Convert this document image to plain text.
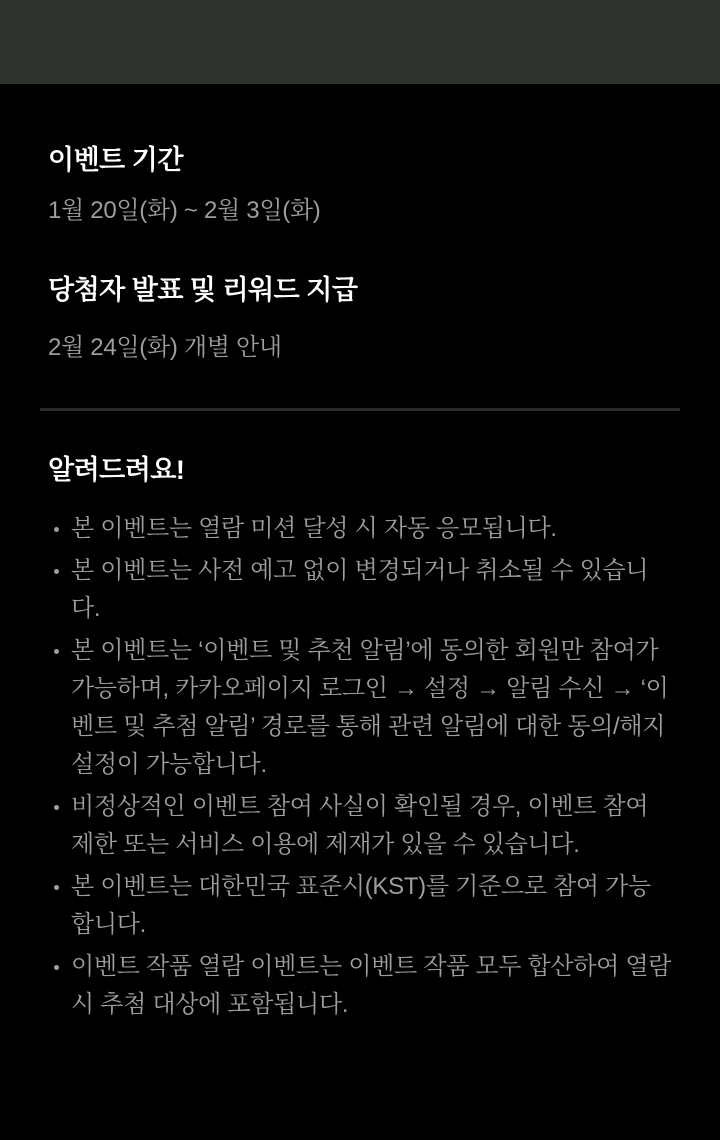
이벤트 기간

1월 20일(화) ~ 2월 3일(화)

당첨자 발표 및 리워드 지급

2월 24일(화) 개별 안내

알려드려요!
본 이벤트는 열람 미션 달성 시 자동 응모됩니다.
본 이벤트는 사전 예고 없이 변경되거나 취소될 수 있습니다.
본 이벤트는 ‘이벤트 및 추천 알림’에 동의한 회원만 참여가 가능하며, 카카오페이지 로그인 → 설정 → 알림 수신 → ‘이벤트 및 추첨 알림’ 경로를 통해 관련 알림에 대한 동의/해지 설정이 가능합니다.
비정상적인 이벤트 참여 사실이 확인될 경우, 이벤트 참여 제한 또는 서비스 이용에 제재가 있을 수 있습니다.
본 이벤트는 대한민국 표준시(KST)를 기준으로 참여 가능합니다.
이벤트 작품 열람 이벤트는 이벤트 작품 모두 합산하여 열람 시 추첨 대상에 포함됩니다.
